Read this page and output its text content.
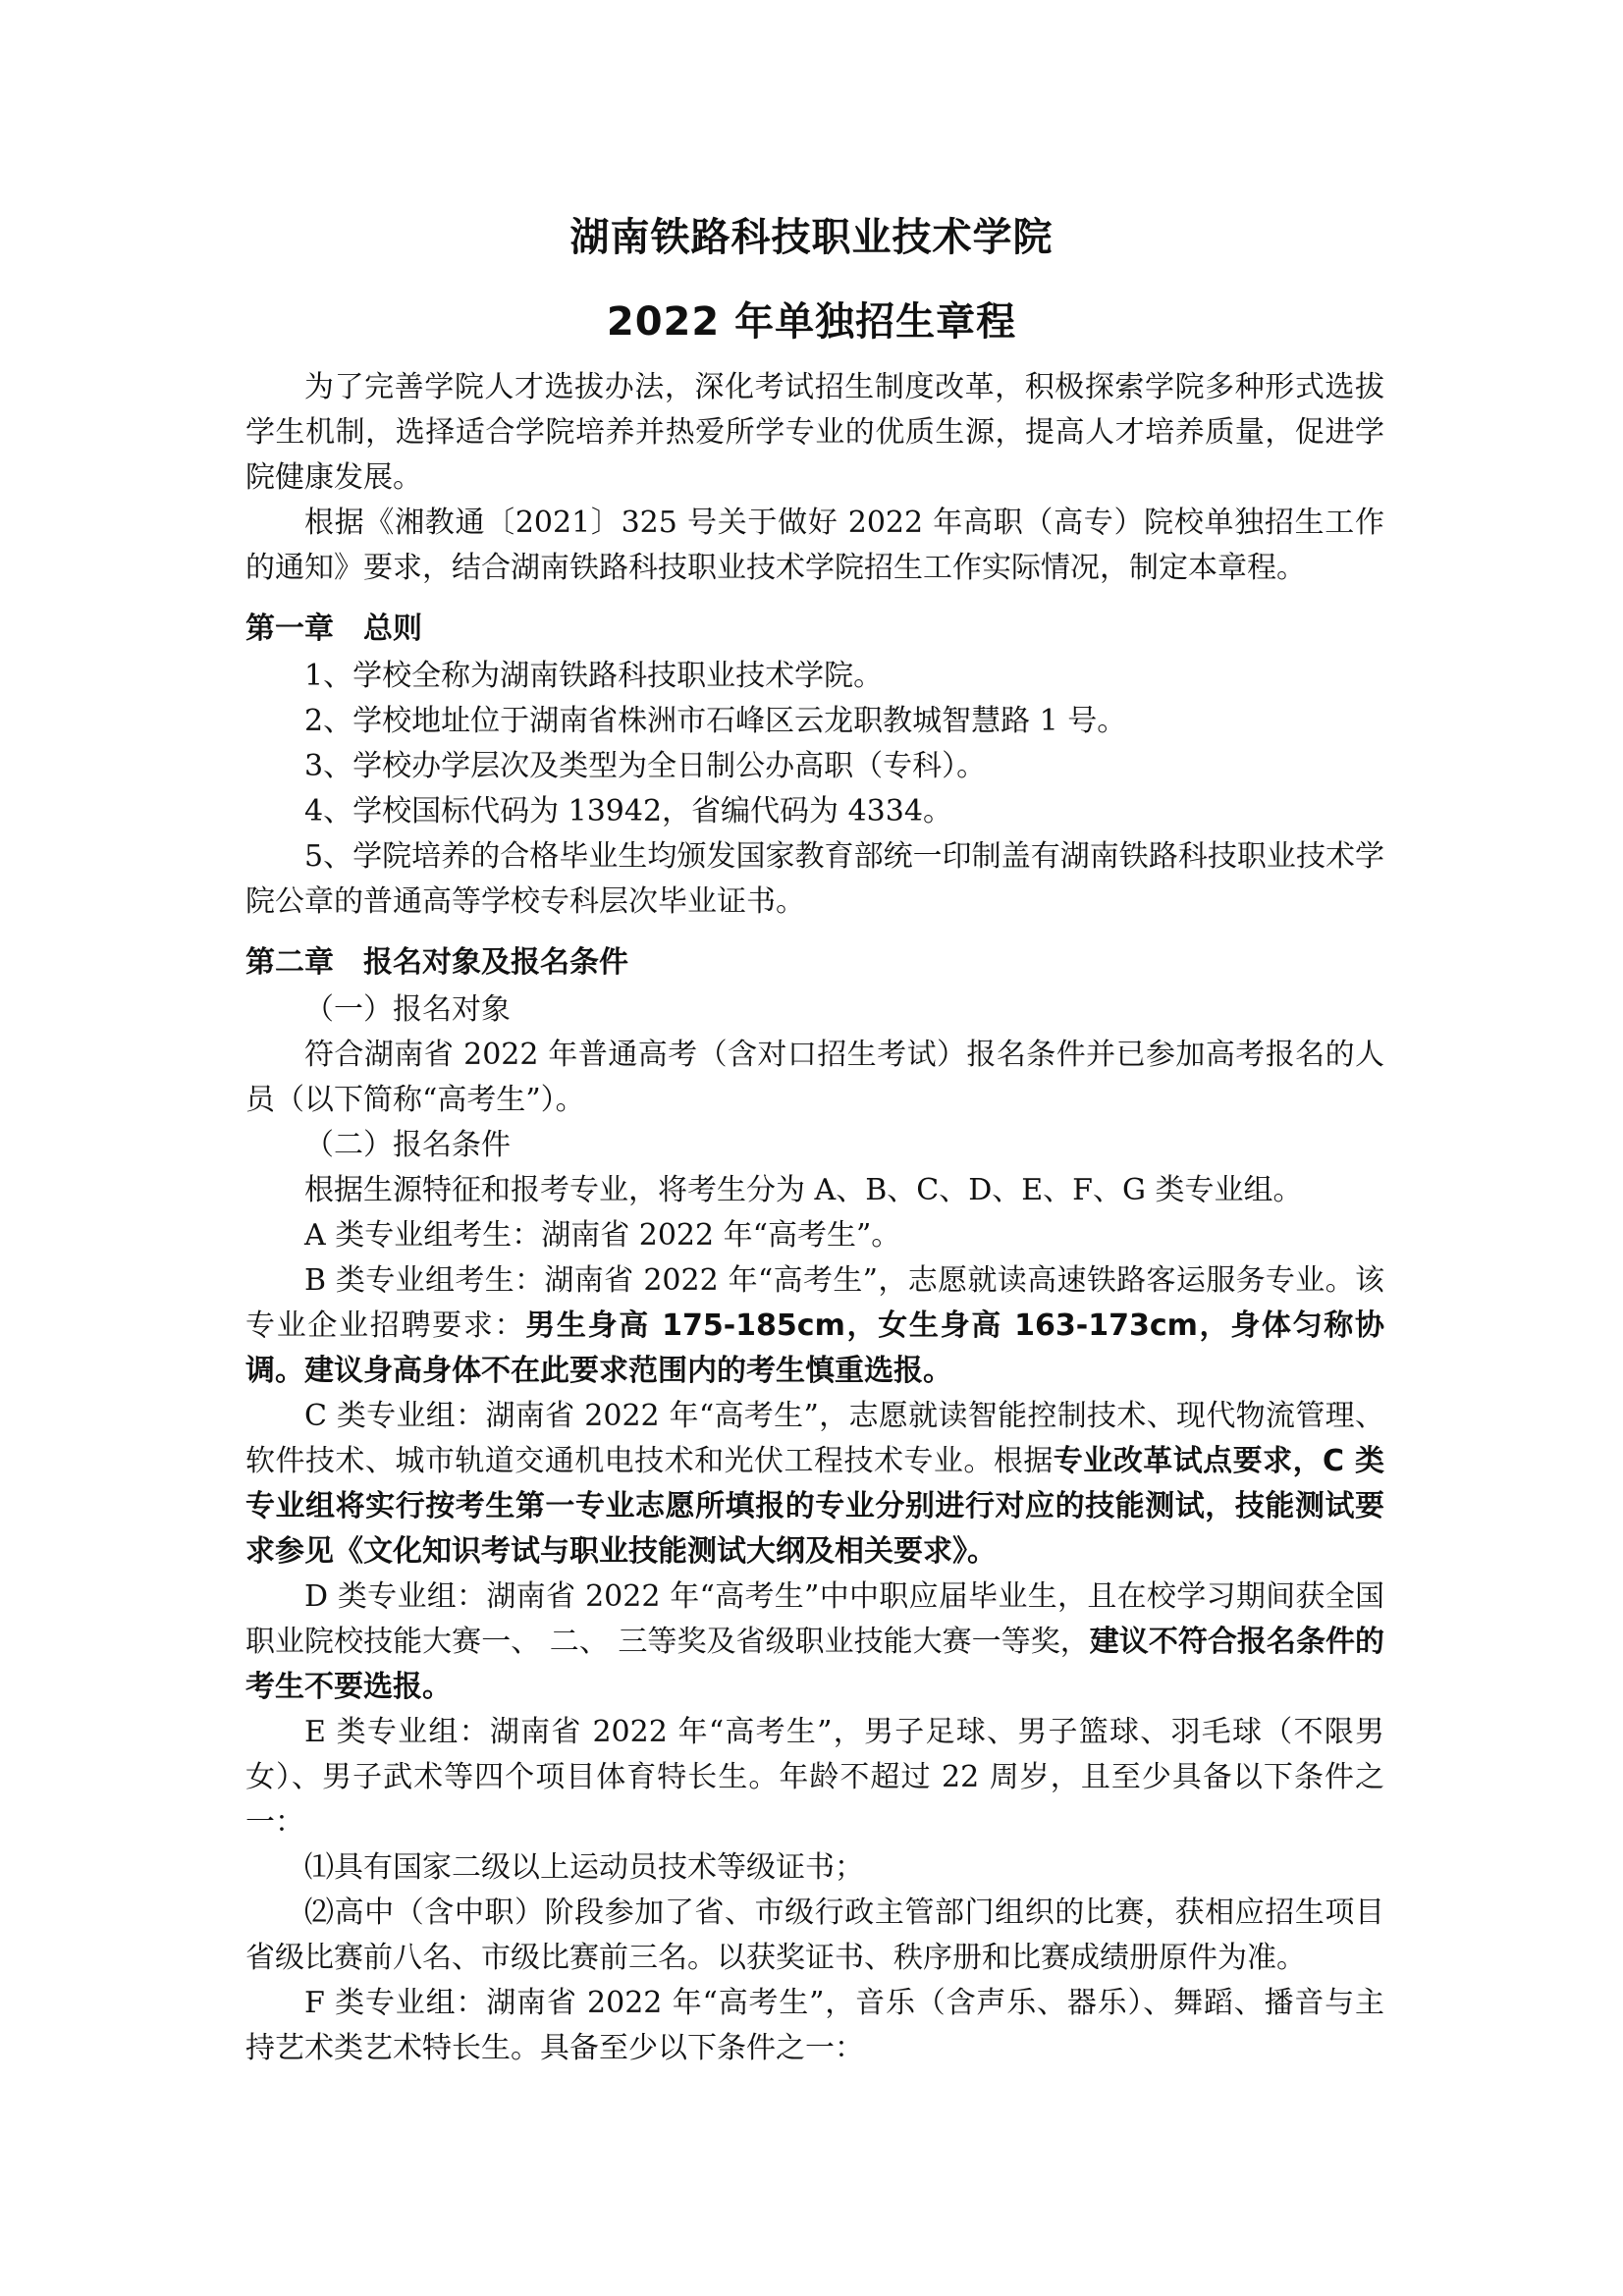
湖南铁路科技职业技术学院
2022 年单独招生章程

为了完善学院人才选拔办法，深化考试招生制度改革，积极探索学院多种形式选拔学生机制，选择适合学院培养并热爱所学专业的优质生源，提高人才培养质量，促进学院健康发展。

根据《湘教通〔2021〕325 号关于做好 2022 年高职（高专）院校单独招生工作的通知》要求，结合湖南铁路科技职业技术学院招生工作实际情况，制定本章程。

第一章　总则

1、学校全称为湖南铁路科技职业技术学院。

2、学校地址位于湖南省株洲市石峰区云龙职教城智慧路 1 号。

3、学校办学层次及类型为全日制公办高职（专科）。

4、学校国标代码为 13942，省编代码为 4334。

5、学院培养的合格毕业生均颁发国家教育部统一印制盖有湖南铁路科技职业技术学院公章的普通高等学校专科层次毕业证书。

第二章　报名对象及报名条件

（一）报名对象

符合湖南省 2022 年普通高考（含对口招生考试）报名条件并已参加高考报名的人员（以下简称“高考生”）。

（二）报名条件

根据生源特征和报考专业，将考生分为 A、B、C、D、E、F、G 类专业组。

A 类专业组考生：湖南省 2022 年“高考生”。

B 类专业组考生：湖南省 2022 年“高考生”，志愿就读高速铁路客运服务专业。该专业企业招聘要求：男生身高 175-185cm，女生身高 163-173cm，身体匀称协调。建议身高身体不在此要求范围内的考生慎重选报。

C 类专业组：湖南省 2022 年“高考生”，志愿就读智能控制技术、现代物流管理、软件技术、城市轨道交通机电技术和光伏工程技术专业。根据专业改革试点要求，C 类专业组将实行按考生第一专业志愿所填报的专业分别进行对应的技能测试，技能测试要求参见《文化知识考试与职业技能测试大纲及相关要求》。

D 类专业组：湖南省 2022 年“高考生”中中职应届毕业生，且在校学习期间获全国职业院校技能大赛一、 二、 三等奖及省级职业技能大赛一等奖，建议不符合报名条件的考生不要选报。

E 类专业组：湖南省 2022 年“高考生”，男子足球、男子篮球、羽毛球（不限男女）、男子武术等四个项目体育特长生。年龄不超过 22 周岁，且至少具备以下条件之一：

⑴具有国家二级以上运动员技术等级证书；

⑵高中（含中职）阶段参加了省、市级行政主管部门组织的比赛，获相应招生项目省级比赛前八名、市级比赛前三名。以获奖证书、秩序册和比赛成绩册原件为准。

F 类专业组：湖南省 2022 年“高考生”，音乐（含声乐、器乐）、舞蹈、播音与主持艺术类艺术特长生。具备至少以下条件之一：
